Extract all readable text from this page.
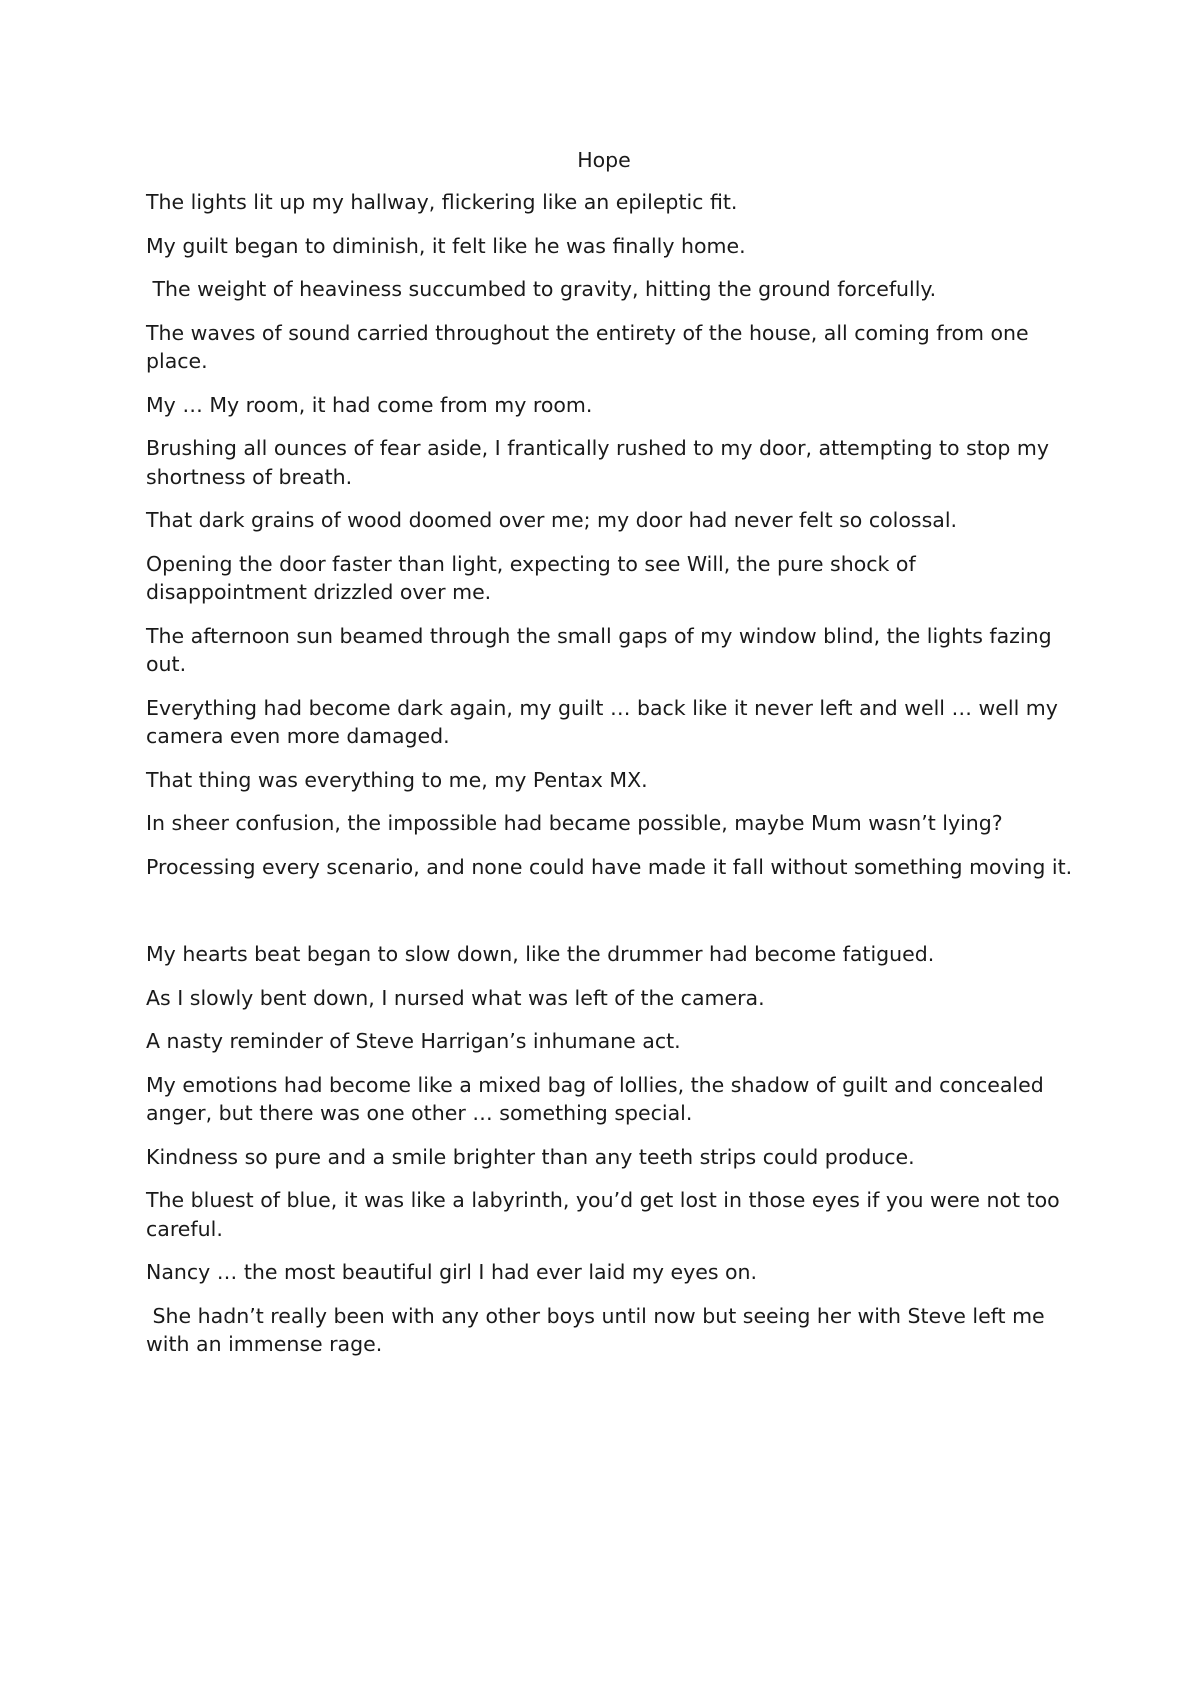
Hope

The lights lit up my hallway, flickering like an epileptic fit.

My guilt began to diminish, it felt like he was finally home.

The weight of heaviness succumbed to gravity, hitting the ground forcefully.

The waves of sound carried throughout the entirety of the house, all coming from one place.

My … My room, it had come from my room.

Brushing all ounces of fear aside, I frantically rushed to my door, attempting to stop my shortness of breath.

That dark grains of wood doomed over me; my door had never felt so colossal.

Opening the door faster than light, expecting to see Will, the pure shock of disappointment drizzled over me.

The afternoon sun beamed through the small gaps of my window blind, the lights fazing out.

Everything had become dark again, my guilt … back like it never left and well … well my camera even more damaged.

That thing was everything to me, my Pentax MX.

In sheer confusion, the impossible had became possible, maybe Mum wasn’t lying?

Processing every scenario, and none could have made it fall without something moving it.

My hearts beat began to slow down, like the drummer had become fatigued.

As I slowly bent down, I nursed what was left of the camera.

A nasty reminder of Steve Harrigan’s inhumane act.

My emotions had become like a mixed bag of lollies, the shadow of guilt and concealed anger, but there was one other … something special.

Kindness so pure and a smile brighter than any teeth strips could produce.

The bluest of blue, it was like a labyrinth, you’d get lost in those eyes if you were not too careful.

Nancy … the most beautiful girl I had ever laid my eyes on.

She hadn’t really been with any other boys until now but seeing her with Steve left me with an immense rage.
